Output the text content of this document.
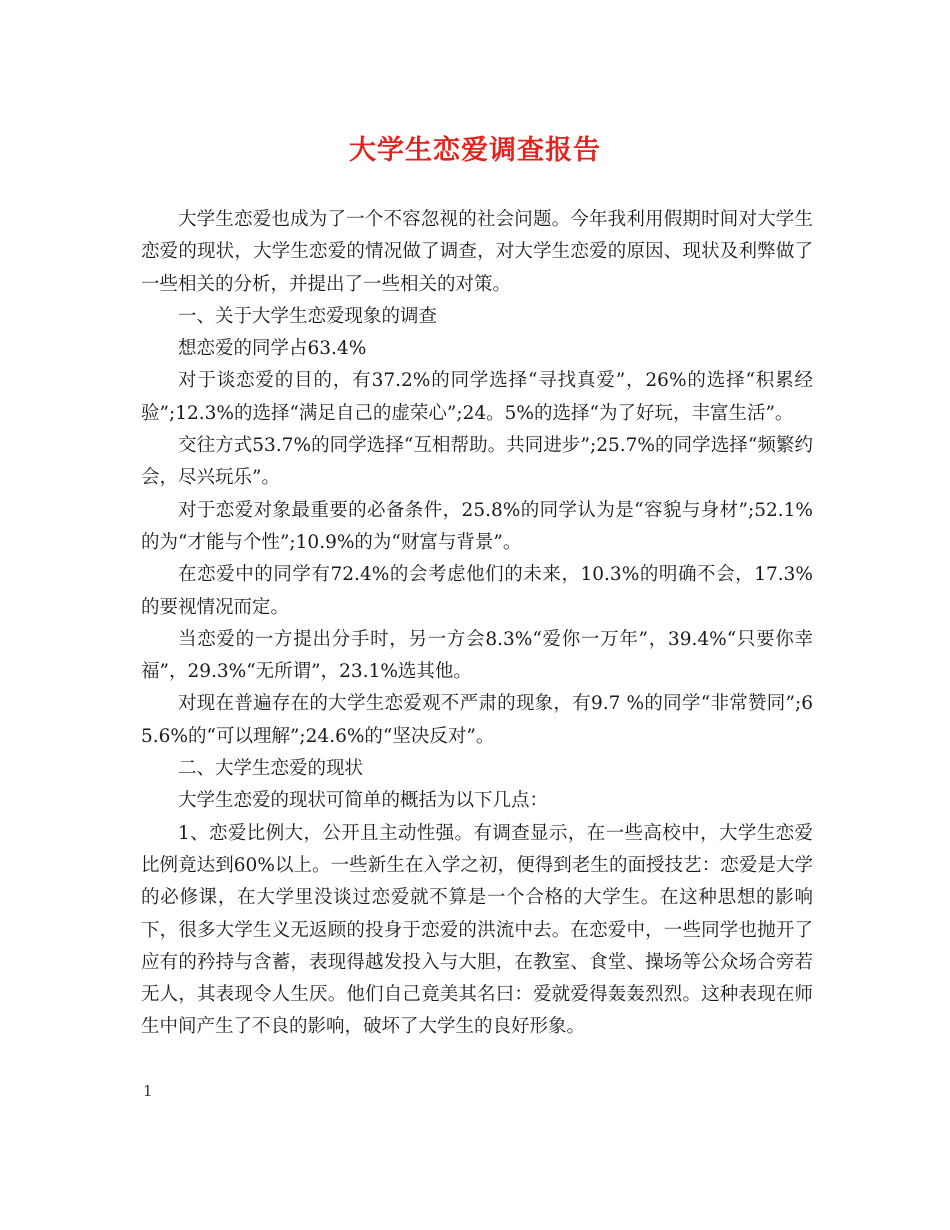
大学生恋爱调查报告

大学生恋爱也成为了一个不容忽视的社会问题。今年我利用假期时间对大学生恋爱的现状，大学生恋爱的情况做了调查，对大学生恋爱的原因、现状及利弊做了一些相关的分析，并提出了一些相关的对策。

一、关于大学生恋爱现象的调查

想恋爱的同学占63.4%

对于谈恋爱的目的，有37.2%的同学选择“寻找真爱”，26%的选择“积累经验”;12.3%的选择“满足自己的虚荣心”;24。5%的选择“为了好玩，丰富生活”。

交往方式53.7%的同学选择“互相帮助。共同进步”;25.7%的同学选择“频繁约会，尽兴玩乐”。

对于恋爱对象最重要的必备条件，25.8%的同学认为是“容貌与身材”;52.1%的为“才能与个性”;10.9%的为“财富与背景”。

在恋爱中的同学有72.4%的会考虑他们的未来，10.3%的明确不会，17.3%的要视情况而定。

当恋爱的一方提出分手时，另一方会8.3%“爱你一万年”，39.4%“只要你幸福”，29.3%“无所谓”，23.1%选其他。

对现在普遍存在的大学生恋爱观不严肃的现象，有9.7 %的同学“非常赞同”;65.6%的“可以理解”;24.6%的“坚决反对”。

二、大学生恋爱的现状

大学生恋爱的现状可简单的概括为以下几点：

1、恋爱比例大，公开且主动性强。有调查显示，在一些高校中，大学生恋爱比例竟达到60%以上。一些新生在入学之初，便得到老生的面授技艺：恋爱是大学的必修课，在大学里没谈过恋爱就不算是一个合格的大学生。在这种思想的影响下，很多大学生义无返顾的投身于恋爱的洪流中去。在恋爱中，一些同学也抛开了应有的矜持与含蓄，表现得越发投入与大胆，在教室、食堂、操场等公众场合旁若无人，其表现令人生厌。他们自己竟美其名曰：爱就爱得轰轰烈烈。这种表现在师生中间产生了不良的影响，破坏了大学生的良好形象。

1
